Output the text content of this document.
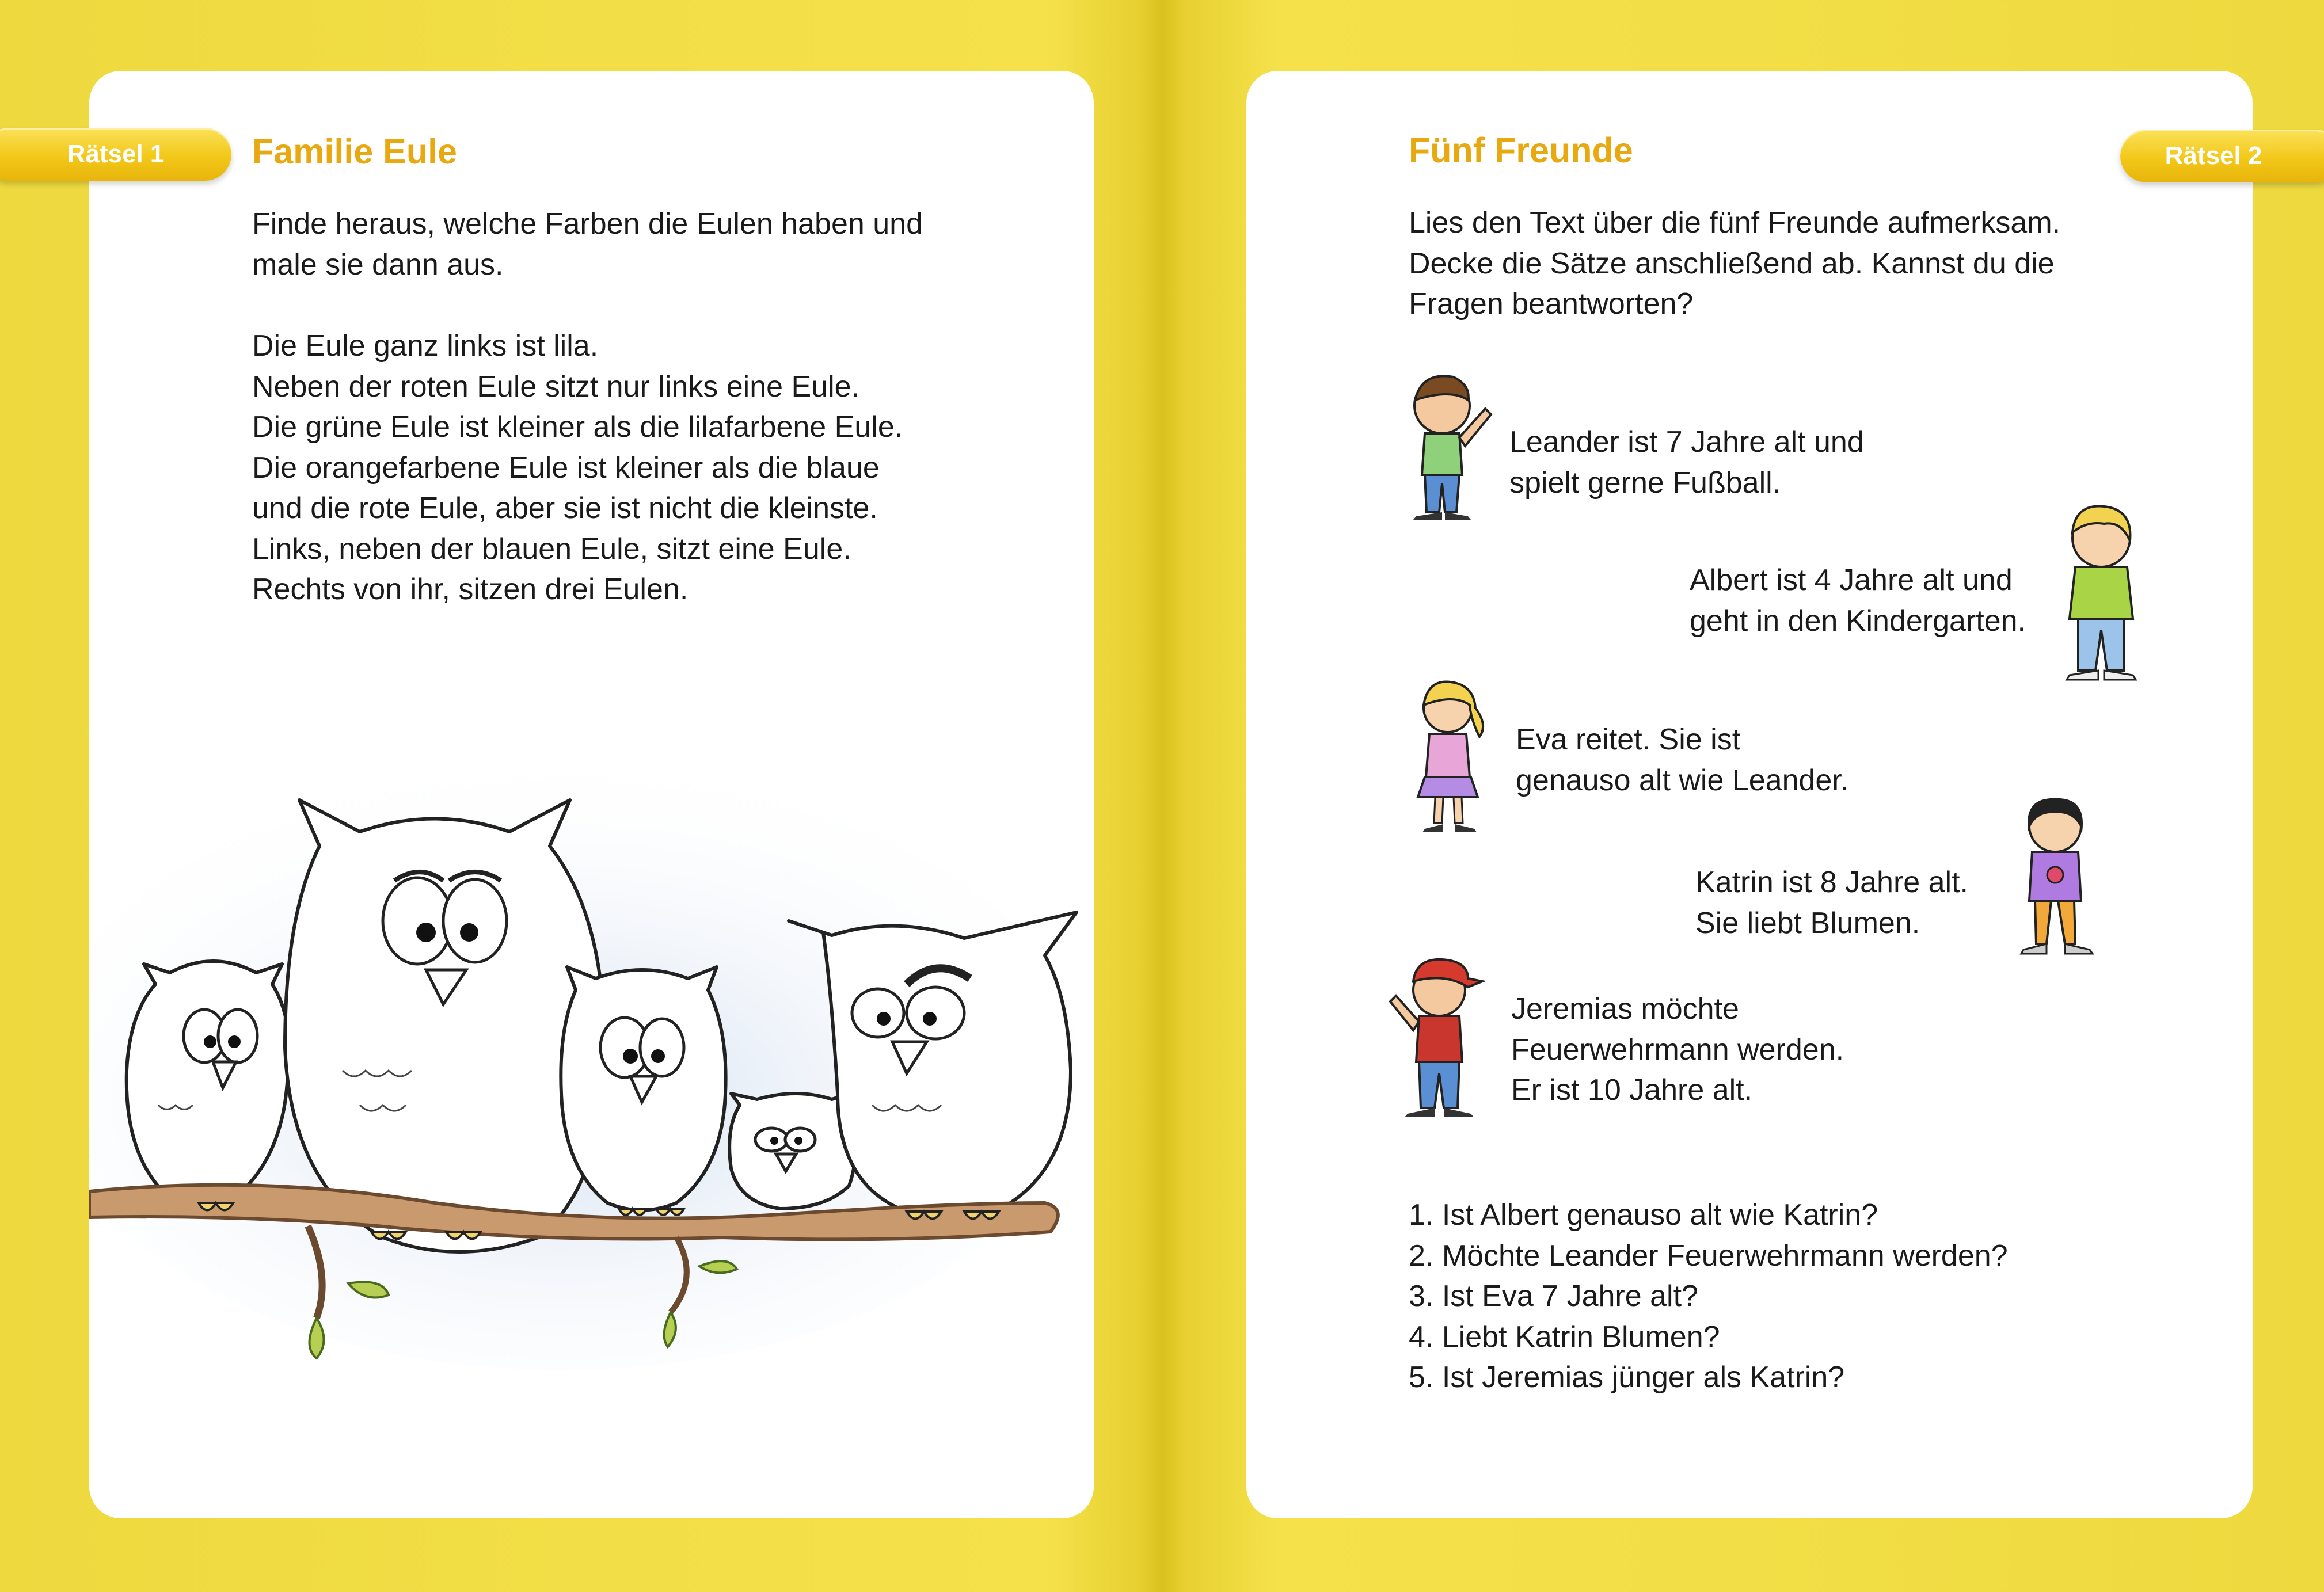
Rätsel 1	Familie Eule
Finde heraus, welche Farben die Eulen haben und
male sie dann aus.
Die Eule ganz links ist lila.
Neben der roten Eule sitzt nur links eine Eule.
Die grüne Eule ist kleiner als die lilafarbene Eule.
Die orangefarbene Eule ist kleiner als die blaue
und die rote Eule, aber sie ist nicht die kleinste.
Links, neben der blauen Eule, sitzt eine Eule.
Rechts von ihr, sitzen drei Eulen.
Rätsel 2
Fünf Freunde
Lies den Text über die fünf Freunde aufmerksam.
Decke die Sätze anschließend ab. Kannst du die
Fragen beantworten?
Leander ist 7 Jahre alt und
spielt gerne Fußball.
Albert ist 4 Jahre alt und
geht in den Kindergarten.
Eva reitet. Sie ist
genauso alt wie Leander.
Katrin ist 8 Jahre alt.
Sie liebt Blumen.
Jeremias möchte
Feuerwehrmann werden.
Er ist 10 Jahre alt.
1. Ist Albert genauso alt wie Katrin?
2. Möchte Leander Feuerwehrmann werden?
3. Ist Eva 7 Jahre alt?
4. Liebt Katrin Blumen?
5. Ist Jeremias jünger als Katrin?
